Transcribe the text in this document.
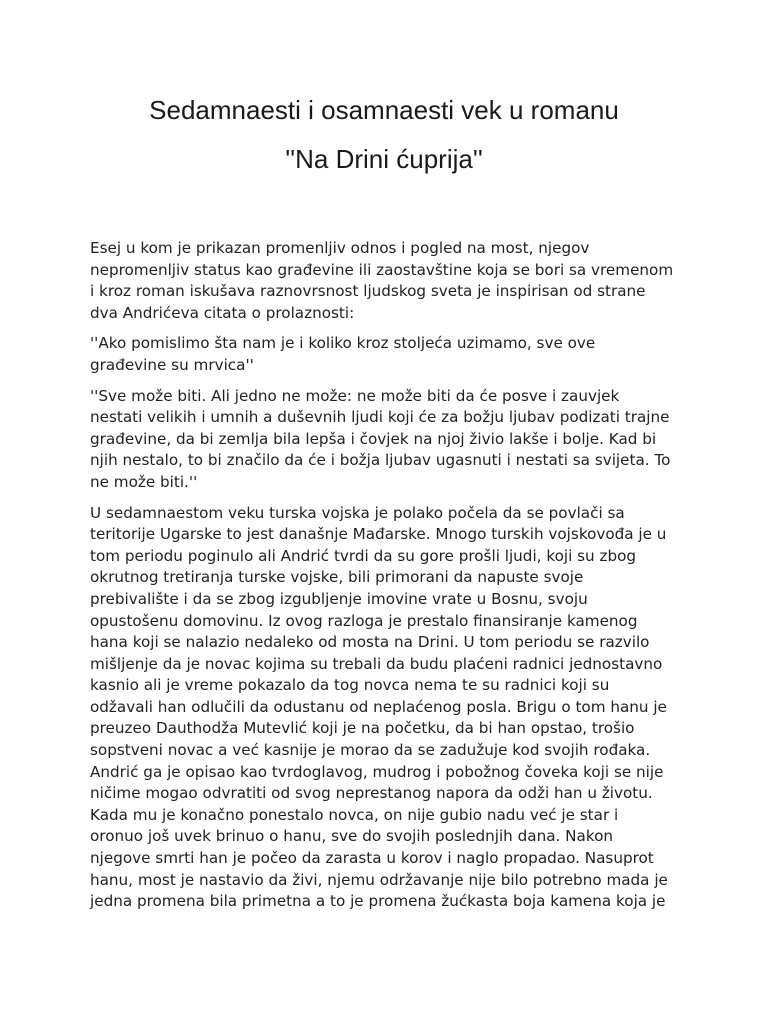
Sedamnaesti i osamnaesti vek u romanu
''Na Drini ćuprija''

Esej u kom je prikazan promenljiv odnos i pogled na most, njegov
nepromenljiv status kao građevine ili zaostavštine koja se bori sa vremenom
i kroz roman iskušava raznovrsnost ljudskog sveta je inspirisan od strane
dva Andrićeva citata o prolaznosti:

''Ako pomislimo šta nam je i koliko kroz stoljeća uzimamo, sve ove
građevine su mrvica''

''Sve može biti. Ali jedno ne može: ne može biti da će posve i zauvjek
nestati velikih i umnih a duševnih ljudi koji će za božju ljubav podizati trajne
građevine, da bi zemlja bila lepša i čovjek na njoj živio lakše i bolje. Kad bi
njih nestalo, to bi značilo da će i božja ljubav ugasnuti i nestati sa svijeta. To
ne može biti.''

U sedamnaestom veku turska vojska je polako počela da se povlači sa
teritorije Ugarske to jest današnje Mađarske. Mnogo turskih vojskovođa je u
tom periodu poginulo ali Andrić tvrdi da su gore prošli ljudi, koji su zbog
okrutnog tretiranja turske vojske, bili primorani da napuste svoje
prebivalište i da se zbog izgubljenje imovine vrate u Bosnu, svoju
opustošenu domovinu. Iz ovog razloga je prestalo finansiranje kamenog
hana koji se nalazio nedaleko od mosta na Drini. U tom periodu se razvilo
mišljenje da je novac kojima su trebali da budu plaćeni radnici jednostavno
kasnio ali je vreme pokazalo da tog novca nema te su radnici koji su
odžavali han odlučili da odustanu od neplaćenog posla. Brigu o tom hanu je
preuzeo Dauthodža Mutevlić koji je na početku, da bi han opstao, trošio
sopstveni novac a već kasnije je morao da se zadužuje kod svojih rođaka.
Andrić ga je opisao kao tvrdoglavog, mudrog i pobožnog čoveka koji se nije
ničime mogao odvratiti od svog neprestanog napora da odži han u životu.
Kada mu je konačno ponestalo novca, on nije gubio nadu već je star i
oronuo još uvek brinuo o hanu, sve do svojih poslednjih dana. Nakon
njegove smrti han je počeo da zarasta u korov i naglo propadao. Nasuprot
hanu, most je nastavio da živi, njemu održavanje nije bilo potrebno mada je
jedna promena bila primetna a to je promena žućkasta boja kamena koja je
